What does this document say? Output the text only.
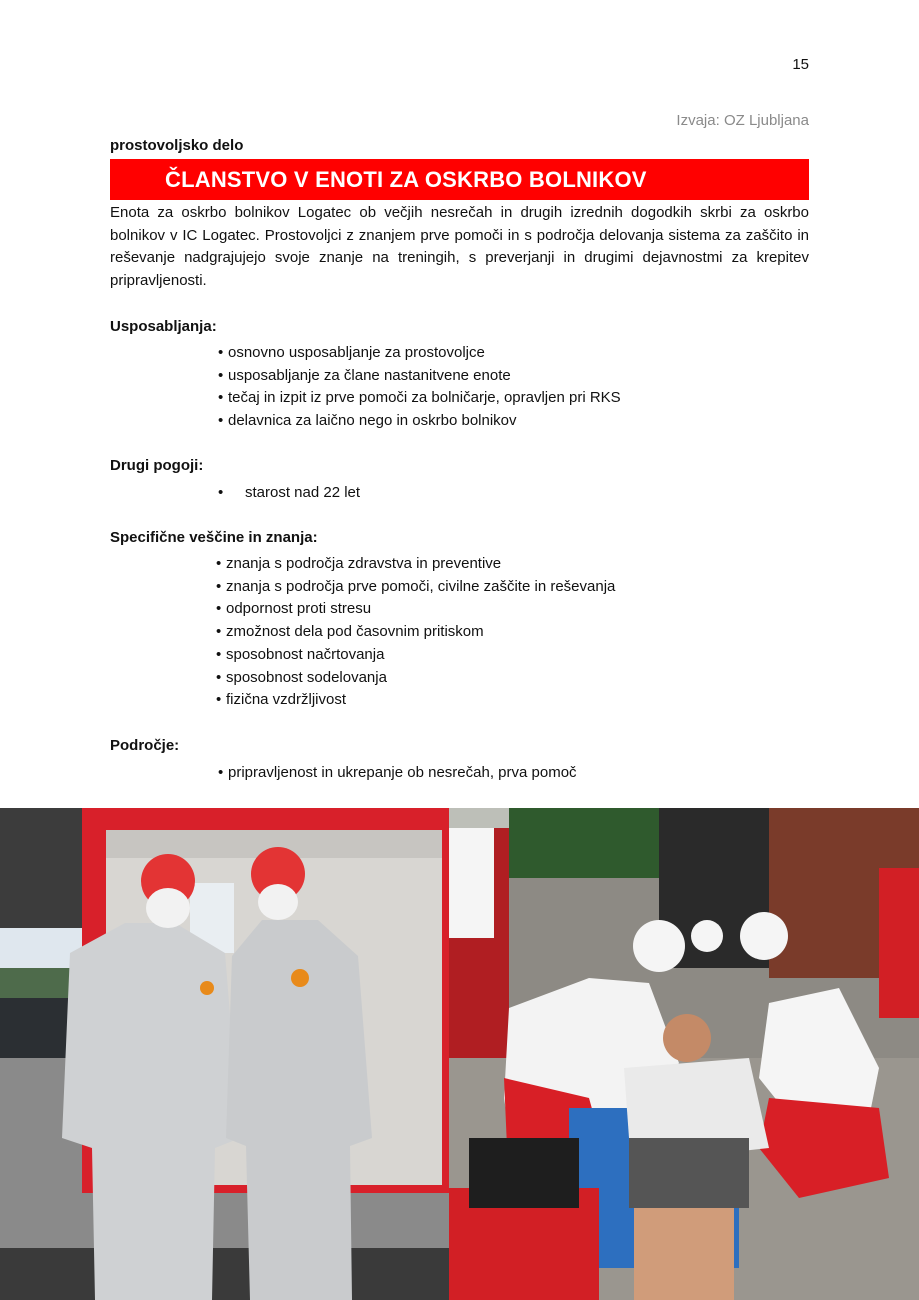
15
Izvaja: OZ Ljubljana
prostovoljsko delo
ČLANSTVO V ENOTI ZA OSKRBO BOLNIKOV

Enota za oskrbo bolnikov Logatec ob večjih nesrečah in drugih izrednih dogodkih skrbi za oskrbo bolnikov v IC Logatec. Prostovoljci z znanjem prve pomoči in s področja delovanja sistema za zaščito in reševanje nadgrajujejo svoje znanje na treningih, s preverjanji in drugimi dejavnostmi za krepitev pripravljenosti.

Usposabljanja:
• osnovno usposabljanje za prostovoljce
• usposabljanje za člane nastanitvene enote
• tečaj in izpit iz prve pomoči za bolničarje, opravljen pri RKS
• delavnica za laično nego in oskrbo bolnikov
Drugi pogoji:
• starost nad 22 let
Specifične veščine in znanja:
• znanja s področja zdravstva in preventive
• znanja s področja prve pomoči, civilne zaščite in reševanja
• odpornost proti stresu
• zmožnost dela pod časovnim pritiskom
• sposobnost načrtovanja
• sposobnost sodelovanja
• fizična vzdržljivost
Področje:
• pripravljenost in ukrepanje ob nesrečah, prva pomoč
